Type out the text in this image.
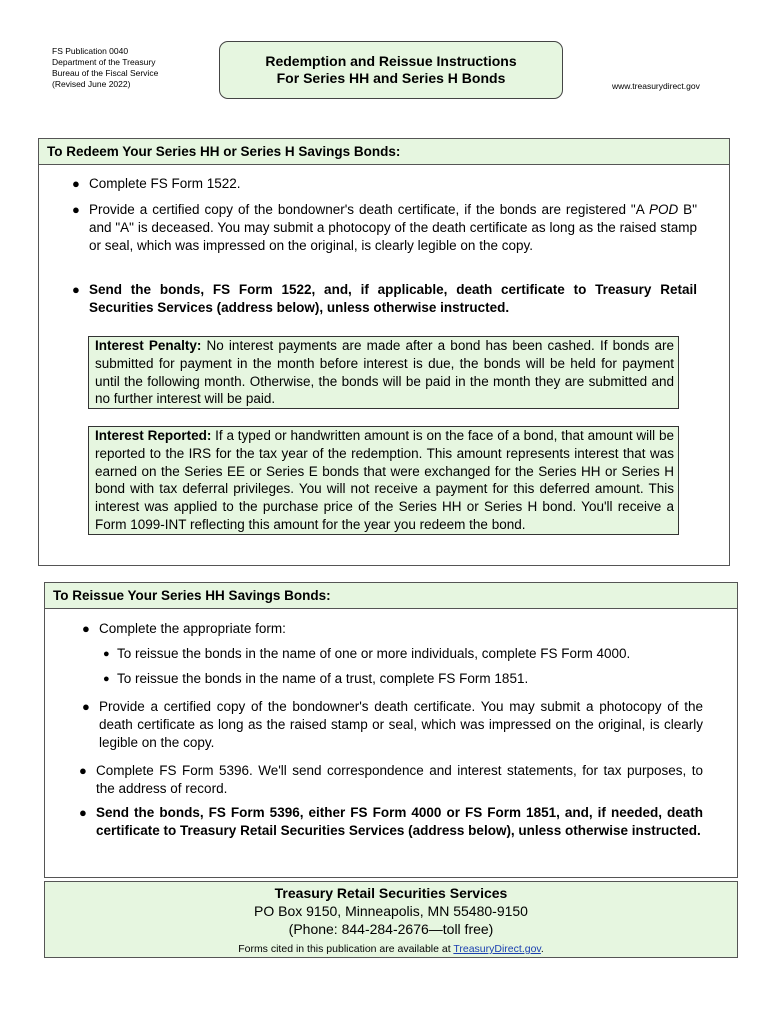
FS Publication 0040
Department of the Treasury
Bureau of the Fiscal Service
(Revised June 2022)
Redemption and Reissue Instructions
For Series HH and Series H Bonds	www.treasurydirect.gov
To Redeem Your Series HH or Series H Savings Bonds:
● Complete FS Form 1522.
● Provide a certified copy of the bondowner's death certificate, if the bonds are registered "A POD B" and "A" is deceased. You may submit a photocopy of the death certificate as long as the raised stamp or seal, which was impressed on the original, is clearly legible on the copy.
● Send the bonds, FS Form 1522, and, if applicable, death certificate to Treasury Retail Securities Services (address below), unless otherwise instructed.
Interest Penalty: No interest payments are made after a bond has been cashed. If bonds are submitted for payment in the month before interest is due, the bonds will be held for payment until the following month. Otherwise, the bonds will be paid in the month they are submitted and no further interest will be paid.
Interest Reported: If a typed or handwritten amount is on the face of a bond, that amount will be reported to the IRS for the tax year of the redemption. This amount represents interest that was earned on the Series EE or Series E bonds that were exchanged for the Series HH or Series H bond with tax deferral privileges. You will not receive a payment for this deferred amount. This interest was applied to the purchase price of the Series HH or Series H bond. You'll receive a Form 1099-INT reflecting this amount for the year you redeem the bond.
To Reissue Your Series HH Savings Bonds:
● Complete the appropriate form:
● To reissue the bonds in the name of one or more individuals, complete FS Form 4000.
● To reissue the bonds in the name of a trust, complete FS Form 1851.
● Provide a certified copy of the bondowner's death certificate. You may submit a photocopy of the death certificate as long as the raised stamp or seal, which was impressed on the original, is clearly legible on the copy.
● Complete FS Form 5396. We'll send correspondence and interest statements, for tax purposes, to the address of record.
● Send the bonds, FS Form 5396, either FS Form 4000 or FS Form 1851, and, if needed, death certificate to Treasury Retail Securities Services (address below), unless otherwise instructed.
Treasury Retail Securities Services
PO Box 9150, Minneapolis, MN 55480-9150
(Phone: 844-284-2676—toll free)
Forms cited in this publication are available at TreasuryDirect.gov.
